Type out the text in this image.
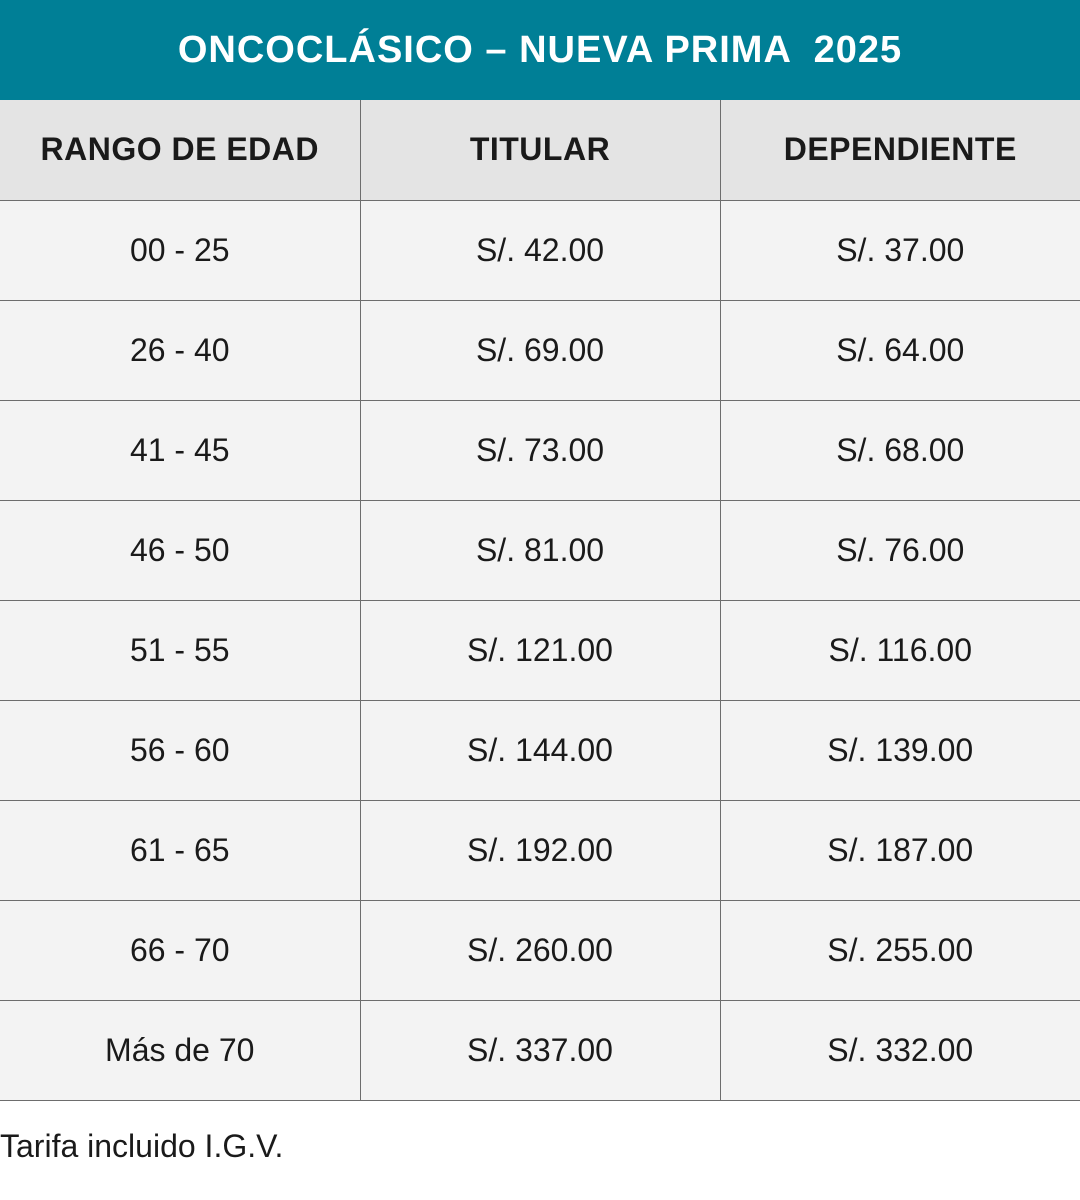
ONCOCLÁSICO – NUEVA PRIMA  2025
RANGO DE EDAD	TITULAR	DEPENDIENTE
00 - 25	S/. 42.00	S/. 37.00
26 - 40	S/. 69.00	S/. 64.00
41 - 45	S/. 73.00	S/. 68.00
46 - 50	S/. 81.00	S/. 76.00
51 - 55	S/. 121.00	S/. 116.00
56 - 60	S/. 144.00	S/. 139.00
61 - 65	S/. 192.00	S/. 187.00
66 - 70	S/. 260.00	S/. 255.00
Más de 70	S/. 337.00	S/. 332.00
Tarifa incluido I.G.V.
